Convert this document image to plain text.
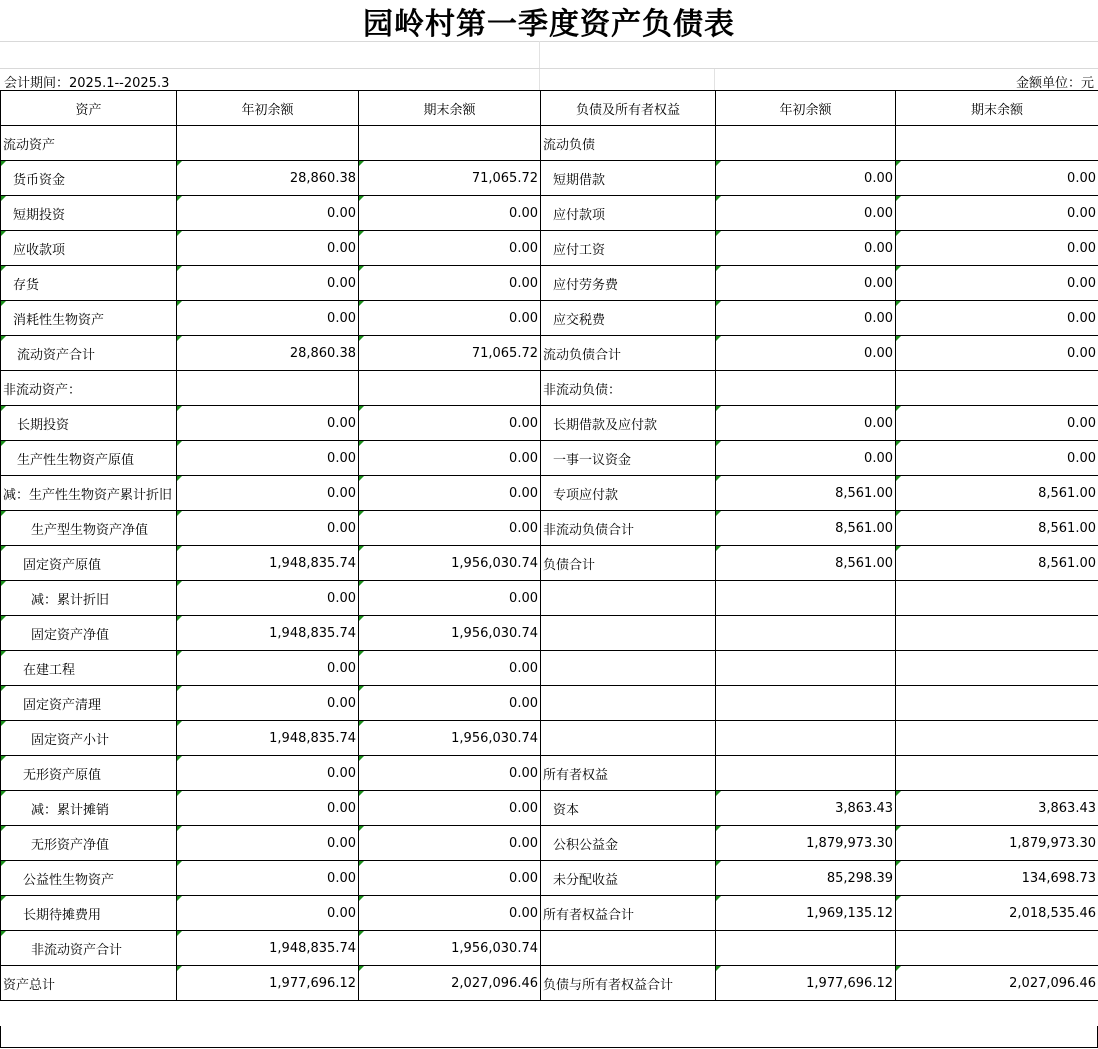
园岭村第一季度资产负债表
会计期间：2025.1--2025.3	金额单位：元
资产	年初余额	期末余额	负债及所有者权益	年初余额	期末余额
流动资产			流动负债		
货币资金	28,860.38	71,065.72	短期借款	0.00	0.00
短期投资	0.00	0.00	应付款项	0.00	0.00
应收款项	0.00	0.00	应付工资	0.00	0.00
存货	0.00	0.00	应付劳务费	0.00	0.00
消耗性生物资产	0.00	0.00	应交税费	0.00	0.00
流动资产合计	28,860.38	71,065.72	流动负债合计	0.00	0.00
非流动资产：			非流动负债：		
长期投资	0.00	0.00	长期借款及应付款	0.00	0.00
生产性生物资产原值	0.00	0.00	一事一议资金	0.00	0.00
减：生产性生物资产累计折旧	0.00	0.00	专项应付款	8,561.00	8,561.00
生产型生物资产净值	0.00	0.00	非流动负债合计	8,561.00	8,561.00
固定资产原值	1,948,835.74	1,956,030.74	负债合计	8,561.00	8,561.00
减：累计折旧	0.00	0.00			
固定资产净值	1,948,835.74	1,956,030.74			
在建工程	0.00	0.00			
固定资产清理	0.00	0.00			
固定资产小计	1,948,835.74	1,956,030.74			
无形资产原值	0.00	0.00	所有者权益		
减：累计摊销	0.00	0.00	资本	3,863.43	3,863.43
无形资产净值	0.00	0.00	公积公益金	1,879,973.30	1,879,973.30
公益性生物资产	0.00	0.00	未分配收益	85,298.39	134,698.73
长期待摊费用	0.00	0.00	所有者权益合计	1,969,135.12	2,018,535.46
非流动资产合计	1,948,835.74	1,956,030.74			
资产总计	1,977,696.12	2,027,096.46	负债与所有者权益合计	1,977,696.12	2,027,096.46
